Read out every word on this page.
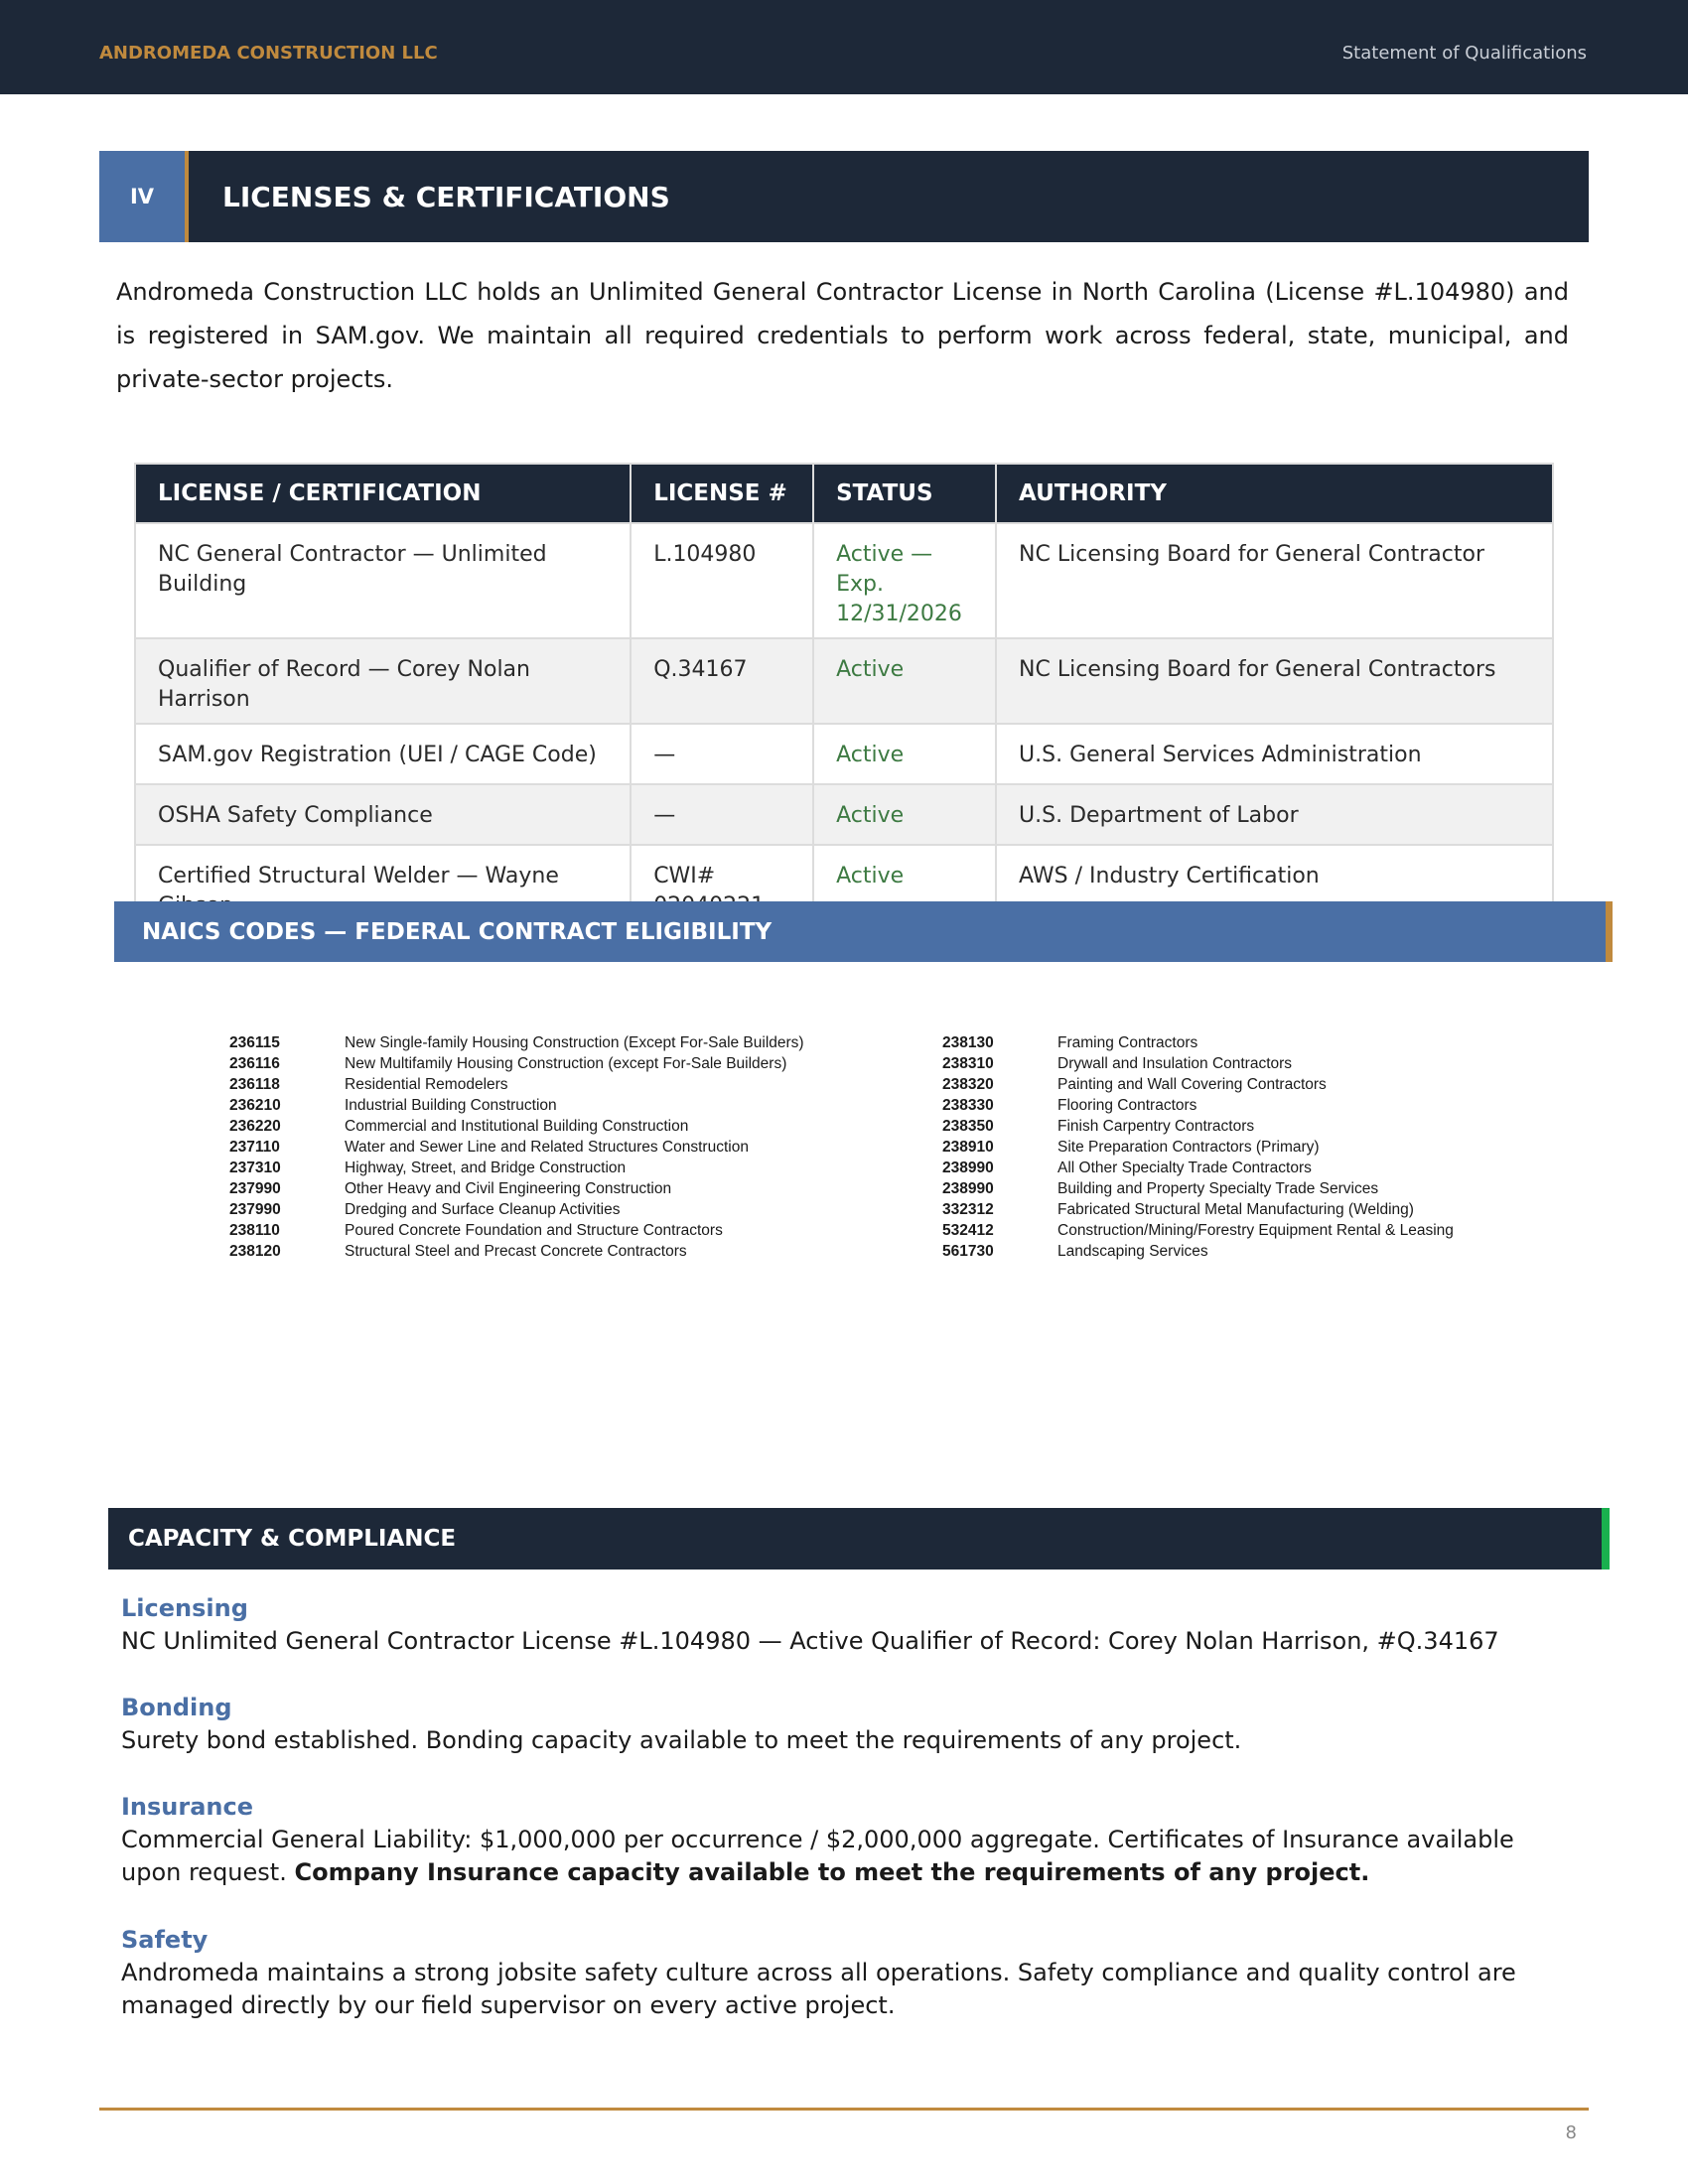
ANDROMEDA CONSTRUCTION LLC	Statement of Qualifications
IV	LICENSES & CERTIFICATIONS

Andromeda Construction LLC holds an Unlimited General Contractor License in North Carolina (License #L.104980) and is registered in SAM.gov. We maintain all required credentials to perform work across federal, state, municipal, and private-sector projects.

LICENSE / CERTIFICATION	LICENSE #	STATUS	AUTHORITY
NC General Contractor — Unlimited Building	L.104980	Active — Exp. 12/31/2026	NC Licensing Board for General Contractor
Qualifier of Record — Corey Nolan Harrison	Q.34167	Active	NC Licensing Board for General Contractors
SAM.gov Registration (UEI / CAGE Code)	—	Active	U.S. General Services Administration
OSHA Safety Compliance	—	Active	U.S. Department of Labor
Certified Structural Welder — Wayne	CWI#	Active	AWS / Industry Certification
NAICS CODES — FEDERAL CONTRACT ELIGIBILITY
236115	New Single-family Housing Construction (Except For-Sale Builders)
236116	New Multifamily Housing Construction (except For-Sale Builders)
236118	Residential Remodelers
236210	Industrial Building Construction
236220	Commercial and Institutional Building Construction
237110	Water and Sewer Line and Related Structures Construction
237310	Highway, Street, and Bridge Construction
237990	Other Heavy and Civil Engineering Construction
237990	Dredging and Surface Cleanup Activities
238110	Poured Concrete Foundation and Structure Contractors
238120	Structural Steel and Precast Concrete Contractors
238130	Framing Contractors
238310	Drywall and Insulation Contractors
238320	Painting and Wall Covering Contractors
238330	Flooring Contractors
238350	Finish Carpentry Contractors
238910	Site Preparation Contractors (Primary)
238990	All Other Specialty Trade Contractors
238990	Building and Property Specialty Trade Services
332312	Fabricated Structural Metal Manufacturing (Welding)
532412	Construction/Mining/Forestry Equipment Rental & Leasing
561730	Landscaping Services
CAPACITY & COMPLIANCE
Licensing
NC Unlimited General Contractor License #L.104980 — Active Qualifier of Record: Corey Nolan Harrison, #Q.34167
Bonding
Surety bond established. Bonding capacity available to meet the requirements of any project.
Insurance
Commercial General Liability: $1,000,000 per occurrence / $2,000,000 aggregate. Certificates of Insurance available upon request. Company Insurance capacity available to meet the requirements of any project.
Safety
Andromeda maintains a strong jobsite safety culture across all operations. Safety compliance and quality control are managed directly by our field supervisor on every active project.
8
